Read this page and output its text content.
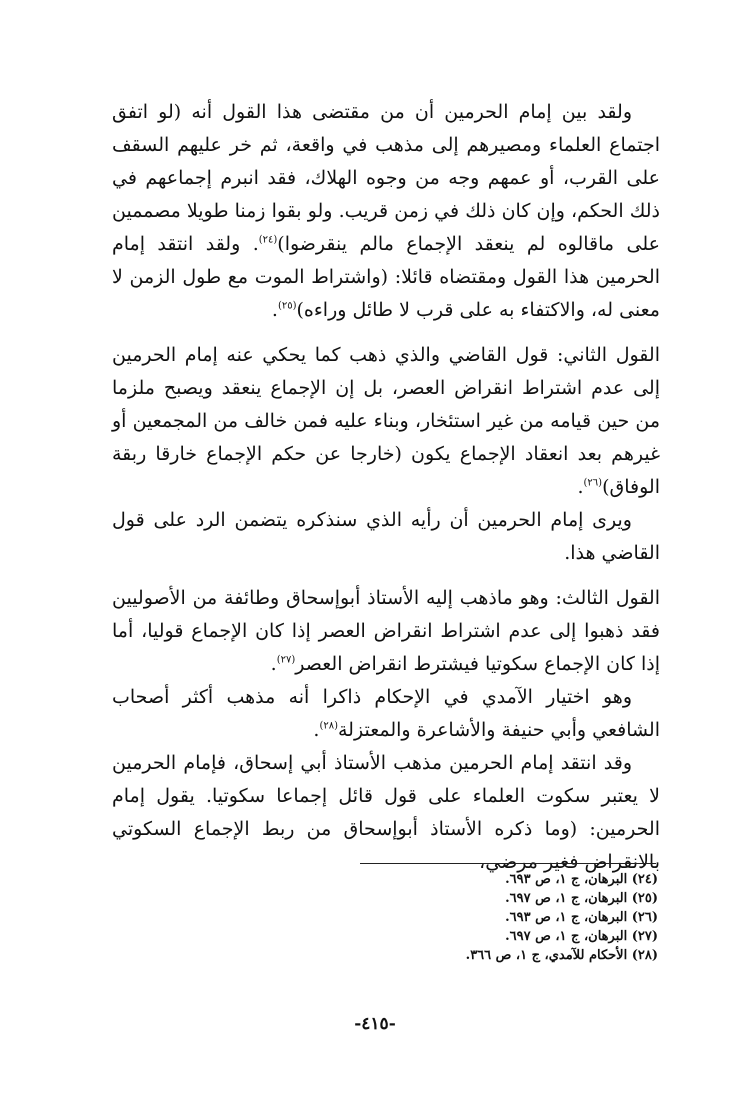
ولقد بين إمام الحرمين أن من مقتضى هذا القول أنه (لو اتفق اجتماع العلماء ومصيرهم إلى مذهب في واقعة، ثم خر عليهم السقف على القرب، أو عمهم وجه من وجوه الهلاك، فقد انبرم إجماعهم في ذلك الحكم، وإن كان ذلك في زمن قريب. ولو بقوا زمنا طويلا مصممين على ماقالوه لم ينعقد الإجماع مالم ينقرضوا)$^{(٢٤)}$. ولقد انتقد إمام الحرمين هذا القول ومقتضاه قائلا: (واشتراط الموت مع طول الزمن لا معنى له، والاكتفاء به على قرب لا طائل وراءه)$^{(٢٥)}$.

القول الثاني: قول القاضي والذي ذهب كما يحكي عنه إمام الحرمين إلى عدم اشتراط انقراض العصر، بل إن الإجماع ينعقد ويصبح ملزما من حين قيامه من غير استئخار، وبناء عليه فمن خالف من المجمعين أو غيرهم بعد انعقاد الإجماع يكون (خارجا عن حكم الإجماع خارقا ربقة الوفاق)$^{(٢٦)}$.

ويرى إمام الحرمين أن رأيه الذي سنذكره يتضمن الرد على قول القاضي هذا.

القول الثالث: وهو ماذهب إليه الأستاذ أبوإسحاق وطائفة من الأصوليين فقد ذهبوا إلى عدم اشتراط انقراض العصر إذا كان الإجماع قوليا، أما إذا كان الإجماع سكوتيا فيشترط انقراض العصر$^{(٢٧)}$.

وهو اختيار الآمدي في الإحكام ذاكرا أنه مذهب أكثر أصحاب الشافعي وأبي حنيفة والأشاعرة والمعتزلة$^{(٢٨)}$.

وقد انتقد إمام الحرمين مذهب الأستاذ أبي إسحاق، فإمام الحرمين لا يعتبر سكوت العلماء على قول قائل إجماعا سكوتيا. يقول إمام الحرمين: (وما ذكره الأستاذ أبوإسحاق من ربط الإجماع السكوتي بالانقراض فغير مرضي،

(٢٤) البرهان، ج ١، ص ٦٩٣.
(٢٥) البرهان، ج ١، ص ٦٩٧.
(٢٦) البرهان، ج ١، ص ٦٩٣.
(٢٧) البرهان، ج ١، ص ٦٩٧.
(٢٨) الأحكام للآمدي، ج ١، ص ٣٦٦.
-٤١٥-
